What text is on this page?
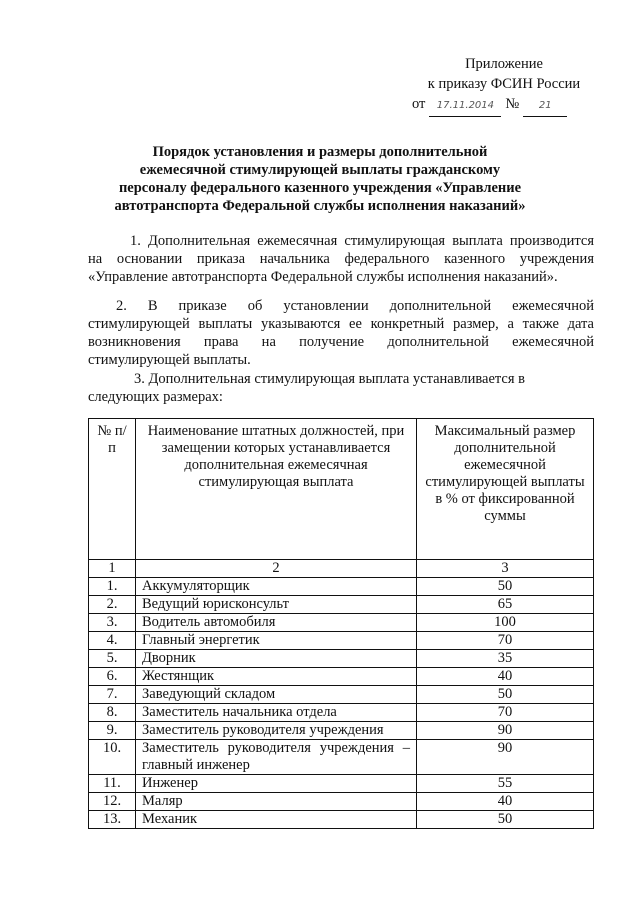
Приложение
к приказу ФСИН России
от	17.11.2014 №	21
Порядок установления и размеры дополнительной ежемесячной стимулирующей выплаты гражданскому персоналу федерального казенного учреждения «Управление автотранспорта Федеральной службы исполнения наказаний»
1. Дополнительная ежемесячная стимулирующая выплата производится на основании приказа начальника федерального казенного учреждения «Управление автотранспорта Федеральной службы исполнения наказаний».
2. В приказе об установлении дополнительной ежемесячной стимулирующей выплаты указываются ее конкретный размер, а также дата возникновения права на получение дополнительной ежемесячной стимулирующей выплаты.
3. Дополнительная стимулирующая выплата устанавливается в следующих размерах:
№ п/п	Наименование штатных должностей, при замещении которых устанавливается дополнительная ежемесячная стимулирующая выплата	Максимальный размер дополнительной ежемесячной стимулирующей выплаты в % от фиксированной суммы
1	2	3
1.	Аккумуляторщик	50
2.	Ведущий юрисконсульт	65
3.	Водитель автомобиля	100
4.	Главный энергетик	70
5.	Дворник	35
6.	Жестянщик	40
7.	Заведующий складом	50
8.	Заместитель начальника отдела	70
9.	Заместитель руководителя учреждения	90
10.	Заместитель руководителя учреждения – главный инженер	90
11.	Инженер	55
12.	Маляр	40
13.	Механик	50
